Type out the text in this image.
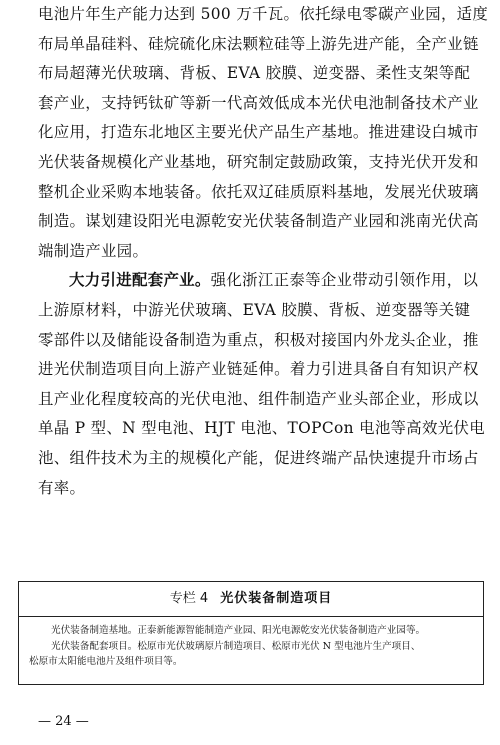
电池片年生产能力达到 500 万千瓦。依托绿电零碳产业园，适度
布局单晶硅料、硅烷硫化床法颗粒硅等上游先进产能，全产业链
布局超薄光伏玻璃、背板、EVA 胶膜、逆变器、柔性支架等配
套产业，支持钙钛矿等新一代高效低成本光伏电池制备技术产业
化应用，打造东北地区主要光伏产品生产基地。推进建设白城市
光伏装备规模化产业基地，研究制定鼓励政策，支持光伏开发和
整机企业采购本地装备。依托双辽硅质原料基地，发展光伏玻璃
制造。谋划建设阳光电源乾安光伏装备制造产业园和洮南光伏高
端制造产业园。
大力引进配套产业。强化浙江正泰等企业带动引领作用，以
上游原材料，中游光伏玻璃、EVA 胶膜、背板、逆变器等关键
零部件以及储能设备制造为重点，积极对接国内外龙头企业，推
进光伏制造项目向上游产业链延伸。着力引进具备自有知识产权
且产业化程度较高的光伏电池、组件制造产业头部企业，形成以
单晶 P 型、N 型电池、HJT 电池、TOPCon 电池等高效光伏电
池、组件技术为主的规模化产能，促进终端产品快速提升市场占
有率。
专栏 4 光伏装备制造项目
光伏装备制造基地。正泰新能源智能制造产业园、阳光电源乾安光伏装备制造产业园等。
光伏装备配套项目。松原市光伏玻璃原片制造项目、松原市光伏 N 型电池片生产项目、
松原市太阳能电池片及组件项目等。
— 24 —
